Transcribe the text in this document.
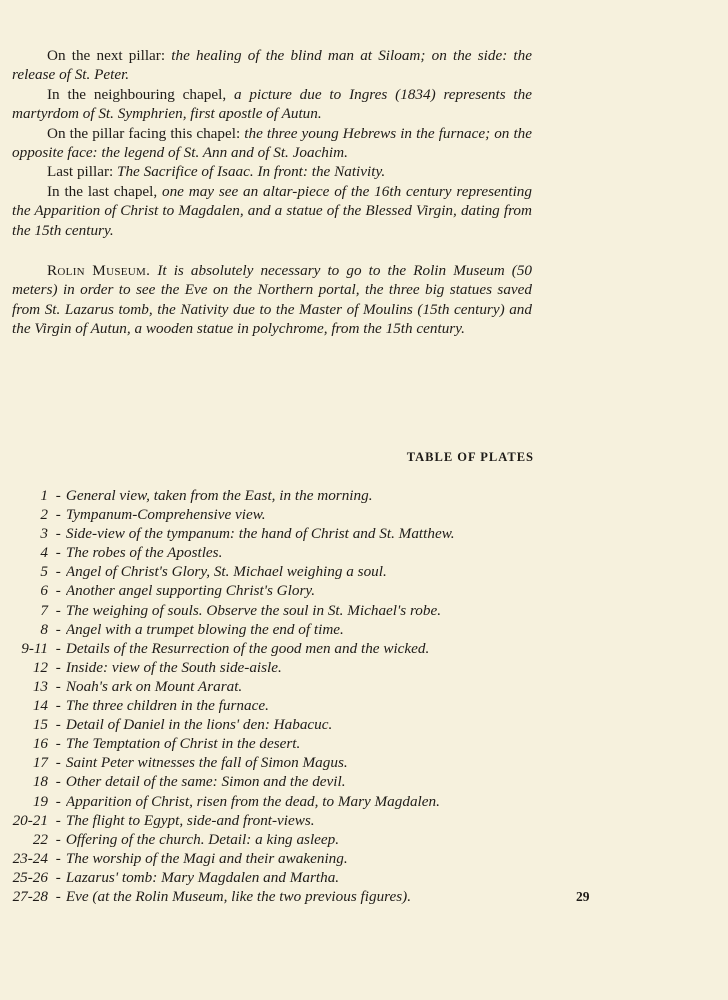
On the next pillar: the healing of the blind man at Siloam; on the side: the release of St. Peter.

In the neighbouring chapel, a picture due to Ingres (1834) represents the martyrdom of St. Symphrien, first apostle of Autun.

On the pillar facing this chapel: the three young Hebrews in the furnace; on the opposite face: the legend of St. Ann and of St. Joachim.

Last pillar: The Sacrifice of Isaac. In front: the Nativity.

In the last chapel, one may see an altar-piece of the 16th century representing the Apparition of Christ to Magdalen, and a statue of the Blessed Virgin, dating from the 15th century.

Rolin Museum. It is absolutely necessary to go to the Rolin Museum (50 meters) in order to see the Eve on the Northern portal, the three big statues saved from St. Lazarus tomb, the Nativity due to the Master of Moulins (15th century) and the Virgin of Autun, a wooden statue in polychrome, from the 15th century.

TABLE OF PLATES
1 - General view, taken from the East, in the morning.
2 - Tympanum-Comprehensive view.
3 - Side-view of the tympanum: the hand of Christ and St. Matthew.
4 - The robes of the Apostles.
5 - Angel of Christ's Glory, St. Michael weighing a soul.
6 - Another angel supporting Christ's Glory.
7 - The weighing of souls. Observe the soul in St. Michael's robe.
8 - Angel with a trumpet blowing the end of time.
9-11 - Details of the Resurrection of the good men and the wicked.
12 - Inside: view of the South side-aisle.
13 - Noah's ark on Mount Ararat.
14 - The three children in the furnace.
15 - Detail of Daniel in the lions' den: Habacuc.
16 - The Temptation of Christ in the desert.
17 - Saint Peter witnesses the fall of Simon Magus.
18 - Other detail of the same: Simon and the devil.
19 - Apparition of Christ, risen from the dead, to Mary Magdalen.
20-21 - The flight to Egypt, side-and front-views.
22 - Offering of the church. Detail: a king asleep.
23-24 - The worship of the Magi and their awakening.
25-26 - Lazarus' tomb: Mary Magdalen and Martha.
27-28 - Eve (at the Rolin Museum, like the two previous figures).	29
